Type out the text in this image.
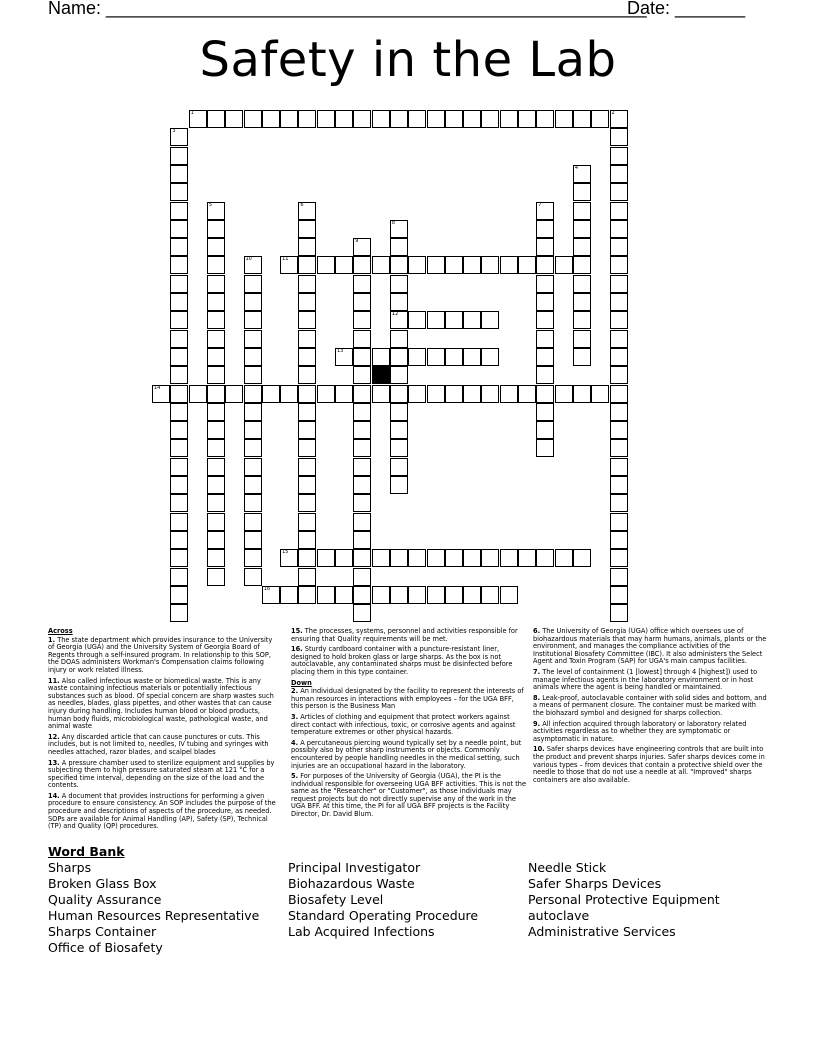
Name: ______________________________________________________
Date: _______
Safety in the Lab
1	2
3
4
5	6	7
8
12
9
10	11
13
14
15
16
Across

1. The state department which provides insurance to the University of Georgia (UGA) and the University System of Georgia Board of Regents through a self-insured program. In relationship to this SOP, the DOAS administers Workman's Compensation claims following injury or work related illness.

11. Also called infectious waste or biomedical waste. This is any waste containing infectious materials or potentially infectious substances such as blood. Of special concern are sharp wastes such as needles, blades, glass pipettes, and other wastes that can cause injury during handling. Includes human blood or blood products, human body fluids, microbiological waste, pathological waste, and animal waste

12. Any discarded article that can cause punctures or cuts. This includes, but is not limited to, needles, IV tubing and syringes with needles attached, razor blades, and scalpel blades

13. A pressure chamber used to sterilize equipment and supplies by subjecting them to high pressure saturated steam at 121 °C for a specified time interval, depending on the size of the load and the contents.

14. A document that provides instructions for performing a given procedure to ensure consistency. An SOP includes the purpose of the procedure and descriptions of aspects of the procedure, as needed. SOPs are available for Animal Handling (AP), Safety (SP), Technical (TP) and Quality (QP) procedures.

15. The processes, systems, personnel and activities responsible for ensuring that Quality requirements will be met.

16. Sturdy cardboard container with a puncture-resistant liner, designed to hold broken glass or large sharps. As the box is not autoclavable, any contaminated sharps must be disinfected before placing them in this type container.

Down

2. An individual designated by the facility to represent the interests of human resources in interactions with employees – for the UGA BFF, this person is the Business Man

3. Articles of clothing and equipment that protect workers against direct contact with infectious, toxic, or corrosive agents and against temperature extremes or other physical hazards.

4. A percutaneous piercing wound typically set by a needle point, but possibly also by other sharp instruments or objects. Commonly encountered by people handling needles in the medical setting, such injuries are an occupational hazard in the laboratory.

5. For purposes of the University of Georgia (UGA), the PI is the individual responsible for overseeing UGA BFF activities. This is not the same as the "Researcher" or "Customer", as those individuals may request projects but do not directly supervise any of the work in the UGA BFF. At this time, the PI for all UGA BFF projects is the Facility Director, Dr. David Blum.

6. The University of Georgia (UGA) office which oversees use of biohazardous materials that may harm humans, animals, plants or the environment, and manages the compliance activities of the Institutional Biosafety Committee (IBC). It also administers the Select Agent and Toxin Program (SAP) for UGA's main campus facilities.

7. The level of containment (1 [lowest] through 4 [highest]) used to manage infectious agents in the laboratory environment or in host animals where the agent is being handled or maintained.

8. Leak-proof, autoclavable container with solid sides and bottom, and a means of permanent closure. The container must be marked with the biohazard symbol and designed for sharps collection.

9. All infection acquired through laboratory or laboratory related activities regardless as to whether they are symptomatic or asymptomatic in nature.

10. Safer sharps devices have engineering controls that are built into the product and prevent sharps injuries. Safer sharps devices come in various types – from devices that contain a protective shield over the needle to those that do not use a needle at all. "Improved" sharps containers are also available.

Word Bank
Sharps
Broken Glass Box
Quality Assurance
Human Resources Representative
Sharps Container
Office of Biosafety
Principal Investigator
Biohazardous Waste
Biosafety Level
Standard Operating Procedure
Lab Acquired Infections
Needle Stick
Safer Sharps Devices
Personal Protective Equipment
autoclave
Administrative Services
